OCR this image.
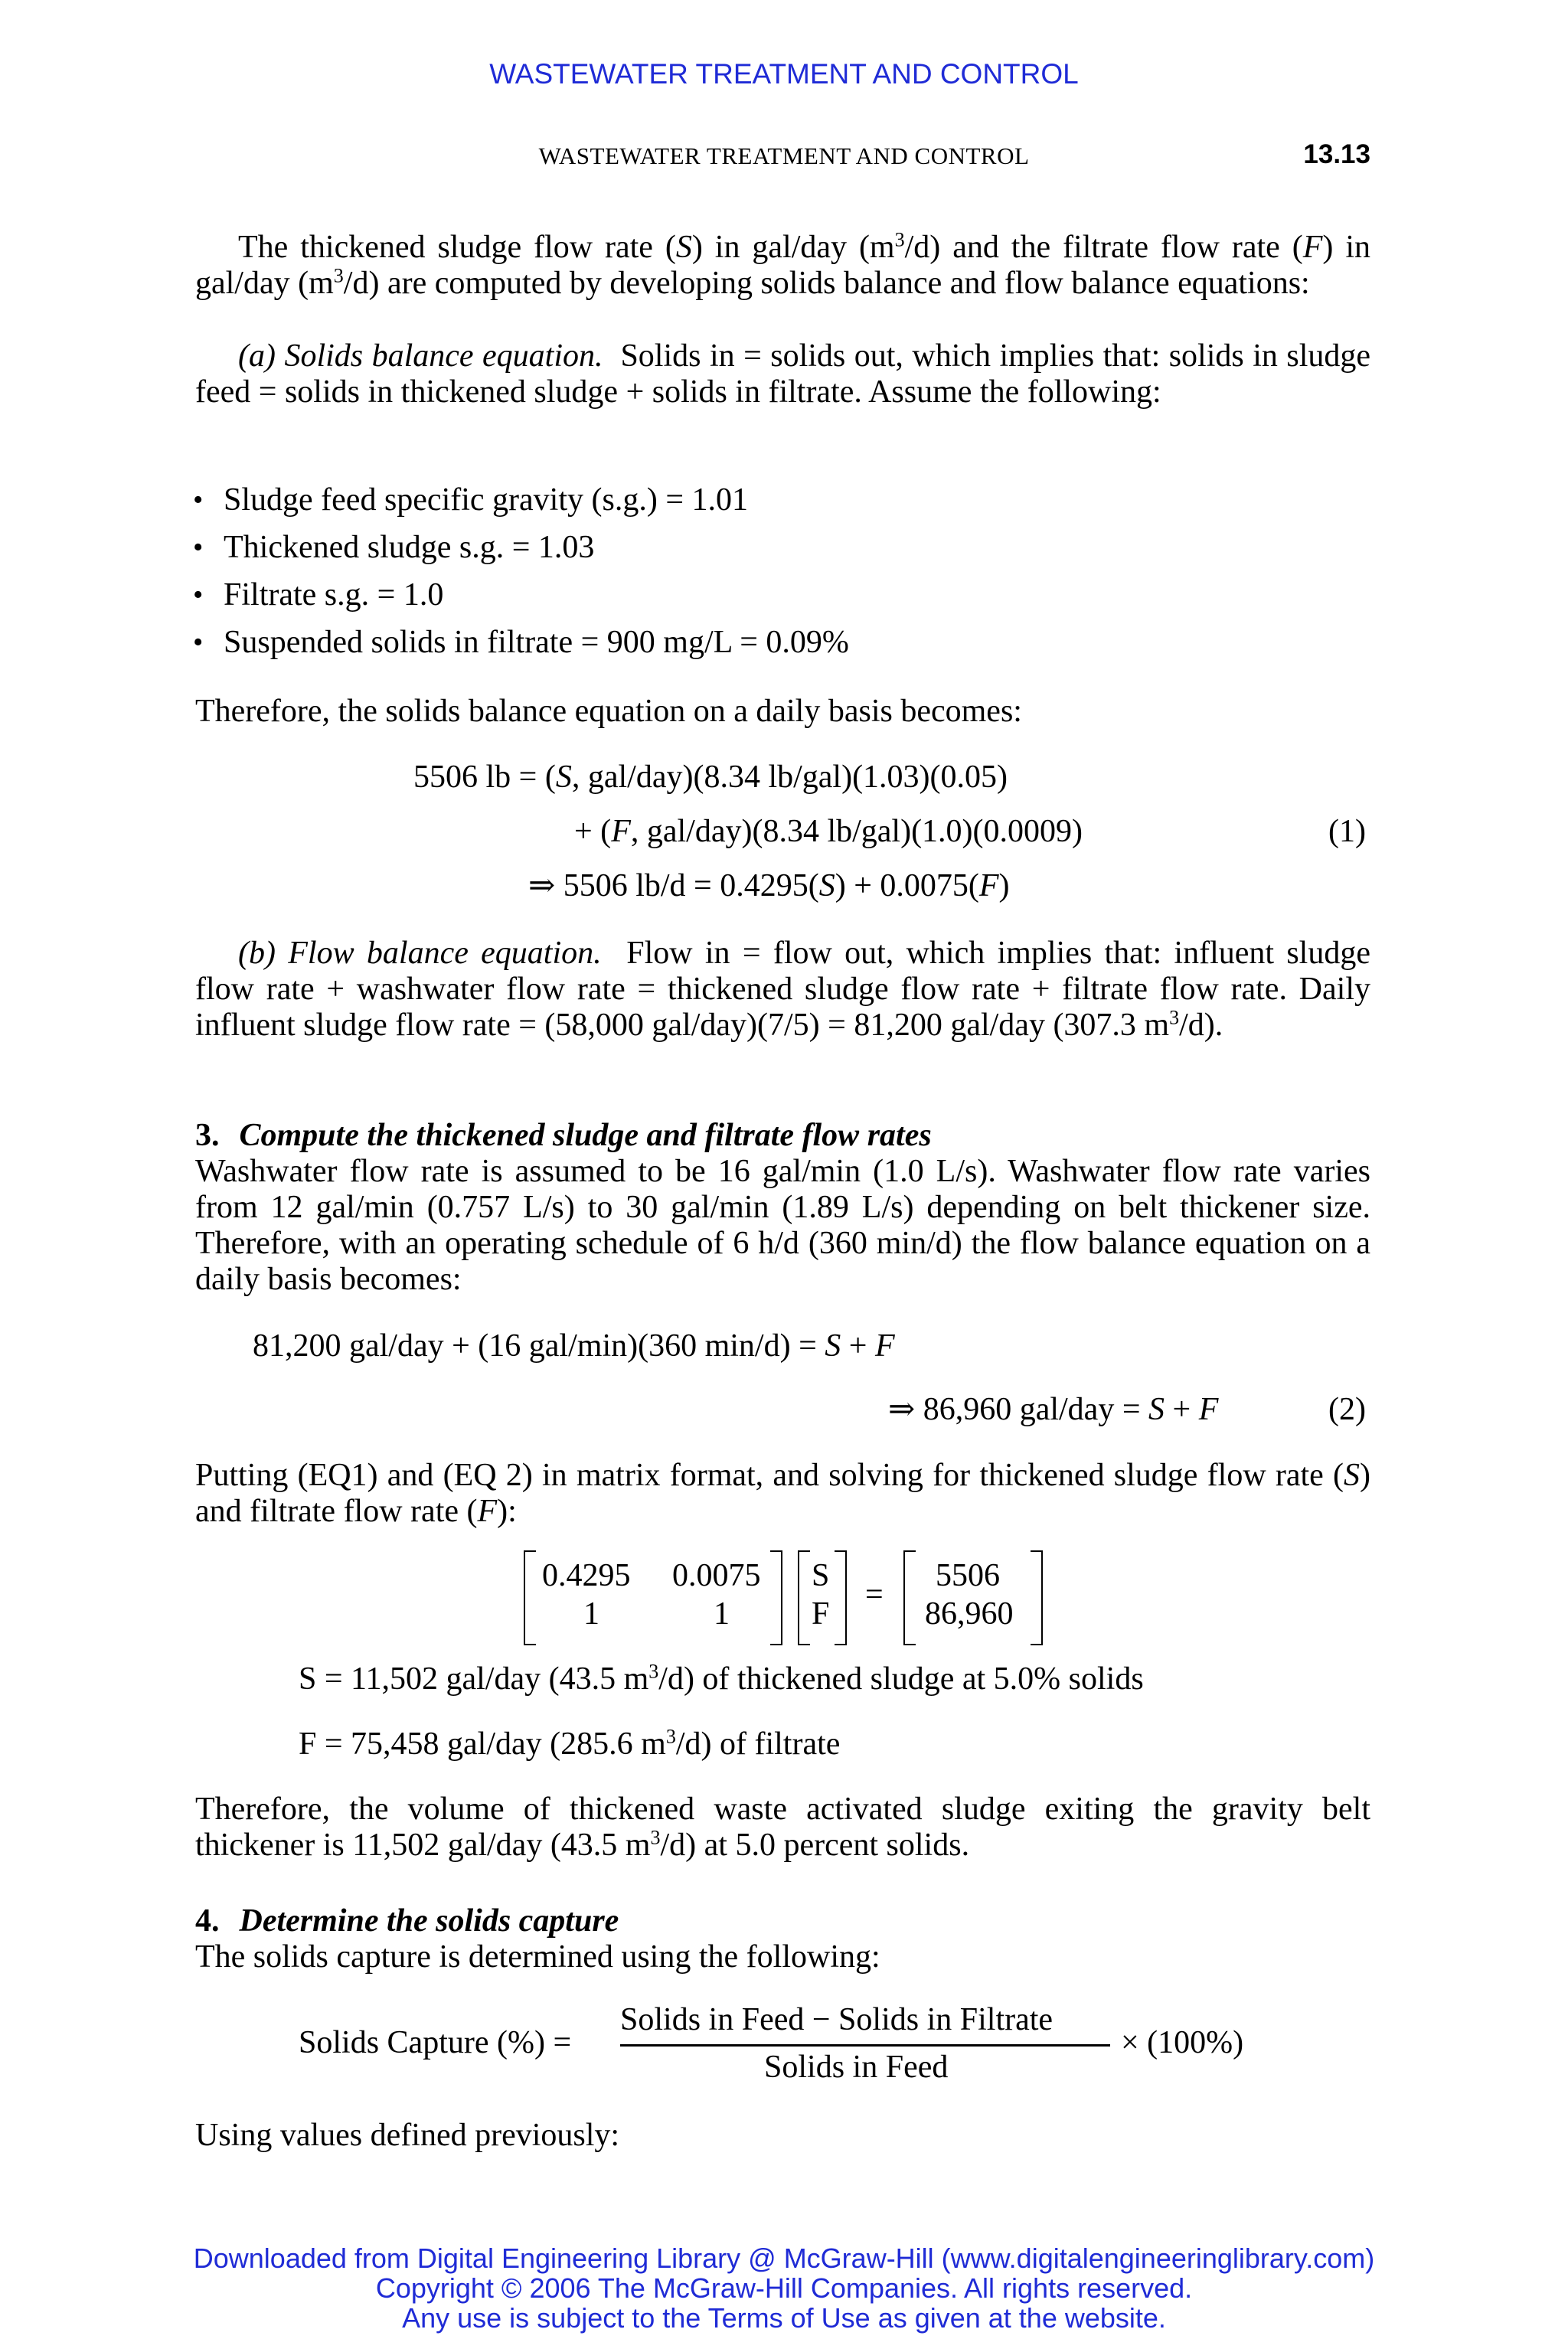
WASTEWATER TREATMENT AND CONTROL
WASTEWATER TREATMENT AND CONTROL	13.13
The thickened sludge flow rate (S) in gal/day $(m^3/d)$ and the filtrate flow rate (F) in gal/day $(m^3/d)$ are computed by developing solids balance and flow balance equations:
(a) Solids balance equation. Solids in = solids out, which implies that: solids in sludge feed = solids in thickened sludge + solids in filtrate. Assume the following:
• Sludge feed specific gravity (s.g.) = 1.01
• Thickened sludge s.g. = 1.03
• Filtrate s.g. = 1.0
• Suspended solids in filtrate = 900 mg/L = 0.09%
Therefore, the solids balance equation on a daily basis becomes:
5506 lb = (S, gal/day)(8.34 lb/gal)(1.03)(0.05)
+ (F, gal/day)(8.34 lb/gal)(1.0)(0.0009)	(1)
⇒ 5506 lb/d = 0.4295(S) + 0.0075(F)
(b) Flow balance equation. Flow in = flow out, which implies that: influent sludge flow rate + washwater flow rate = thickened sludge flow rate + filtrate flow rate. Daily influent sludge flow rate = (58,000 gal/day)(7/5) = 81,200 gal/day (307.3 $m^3/d$).
3. Compute the thickened sludge and filtrate flow rates
Washwater flow rate is assumed to be 16 gal/min (1.0 L/s). Washwater flow rate varies from 12 gal/min (0.757 L/s) to 30 gal/min (1.89 L/s) depending on belt thickener size. Therefore, with an operating schedule of 6 h/d (360 min/d) the flow balance equation on a daily basis becomes:
81,200 gal/day + (16 gal/min)(360 min/d) = S + F
⇒ 86,960 gal/day = S + F	(2)
Putting (EQ1) and (EQ 2) in matrix format, and solving for thickened sludge flow rate (S) and filtrate flow rate (F):
0.4295 0.0075
1	1
S
F
=
5506
86,960
S = 11,502 gal/day (43.5 $m^3/d$) of thickened sludge at 5.0% solids
F = 75,458 gal/day (285.6 $m^3/d$) of filtrate
Therefore, the volume of thickened waste activated sludge exiting the gravity belt thickener is 11,502 gal/day (43.5 $m^3/d$) at 5.0 percent solids.
4. Determine the solids capture
The solids capture is determined using the following:
Solids Capture (%) =
Solids in Feed − Solids in Filtrate
Solids in Feed
× (100%)
Using values defined previously:
Downloaded from Digital Engineering Library @ McGraw-Hill (www.digitalengineeringlibrary.com)
Copyright © 2006 The McGraw-Hill Companies. All rights reserved.
Any use is subject to the Terms of Use as given at the website.
